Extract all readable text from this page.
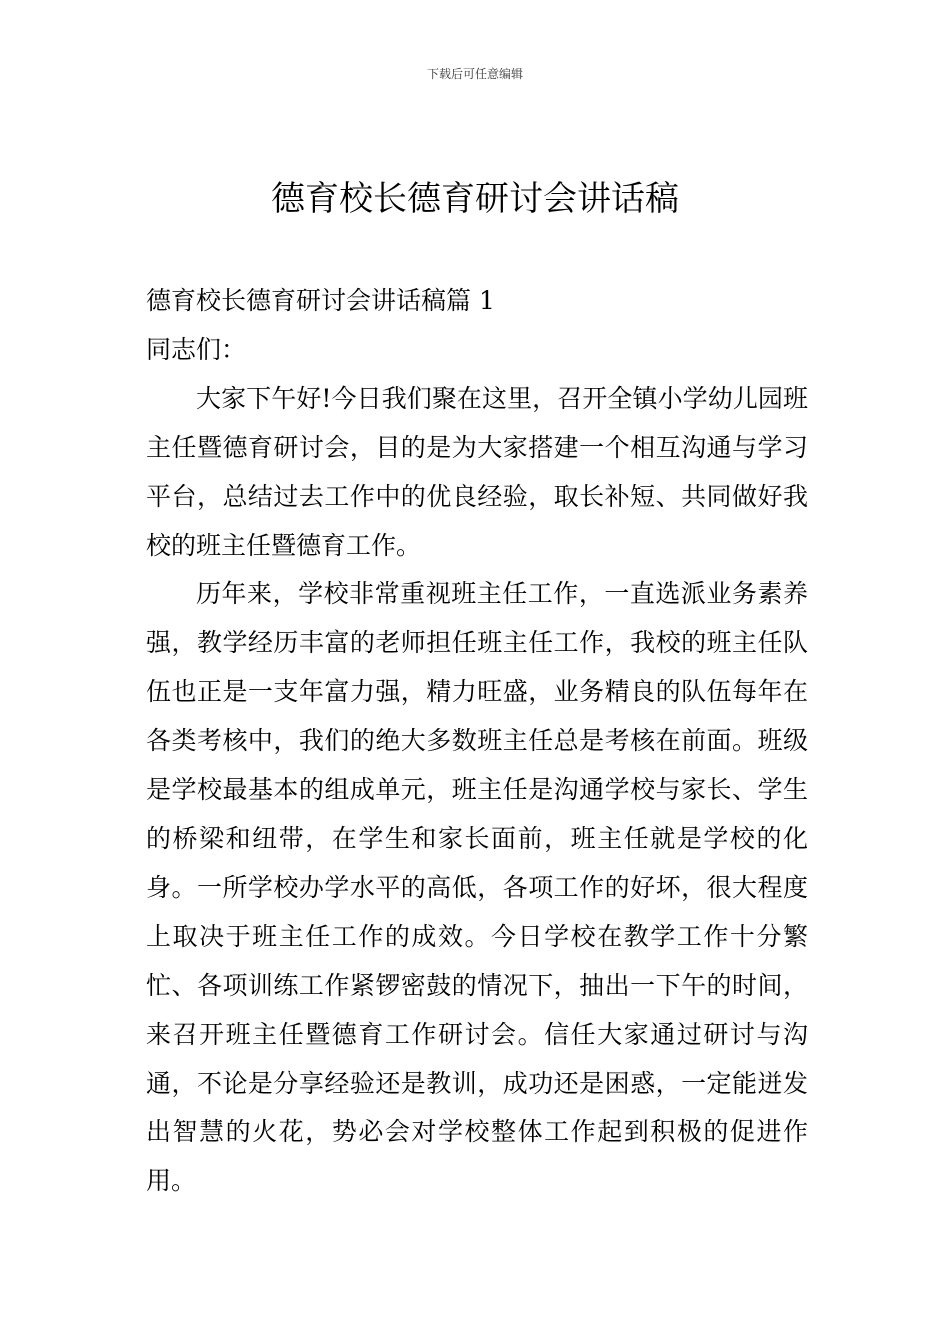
下载后可任意编辑
德育校长德育研讨会讲话稿

德育校长德育研讨会讲话稿篇 1

同志们：

大家下午好!今日我们聚在这里，召开全镇小学幼儿园班主任暨德育研讨会，目的是为大家搭建一个相互沟通与学习平台，总结过去工作中的优良经验，取长补短、共同做好我校的班主任暨德育工作。

历年来，学校非常重视班主任工作，一直选派业务素养强，教学经历丰富的老师担任班主任工作，我校的班主任队伍也正是一支年富力强，精力旺盛，业务精良的队伍每年在各类考核中，我们的绝大多数班主任总是考核在前面。班级是学校最基本的组成单元，班主任是沟通学校与家长、学生的桥梁和纽带，在学生和家长面前，班主任就是学校的化身。一所学校办学水平的高低，各项工作的好坏，很大程度上取决于班主任工作的成效。今日学校在教学工作十分繁忙、各项训练工作紧锣密鼓的情况下，抽出一下午的时间，来召开班主任暨德育工作研讨会。信任大家通过研讨与沟通，不论是分享经验还是教训，成功还是困惑，一定能迸发出智慧的火花，势必会对学校整体工作起到积极的促进作用。
